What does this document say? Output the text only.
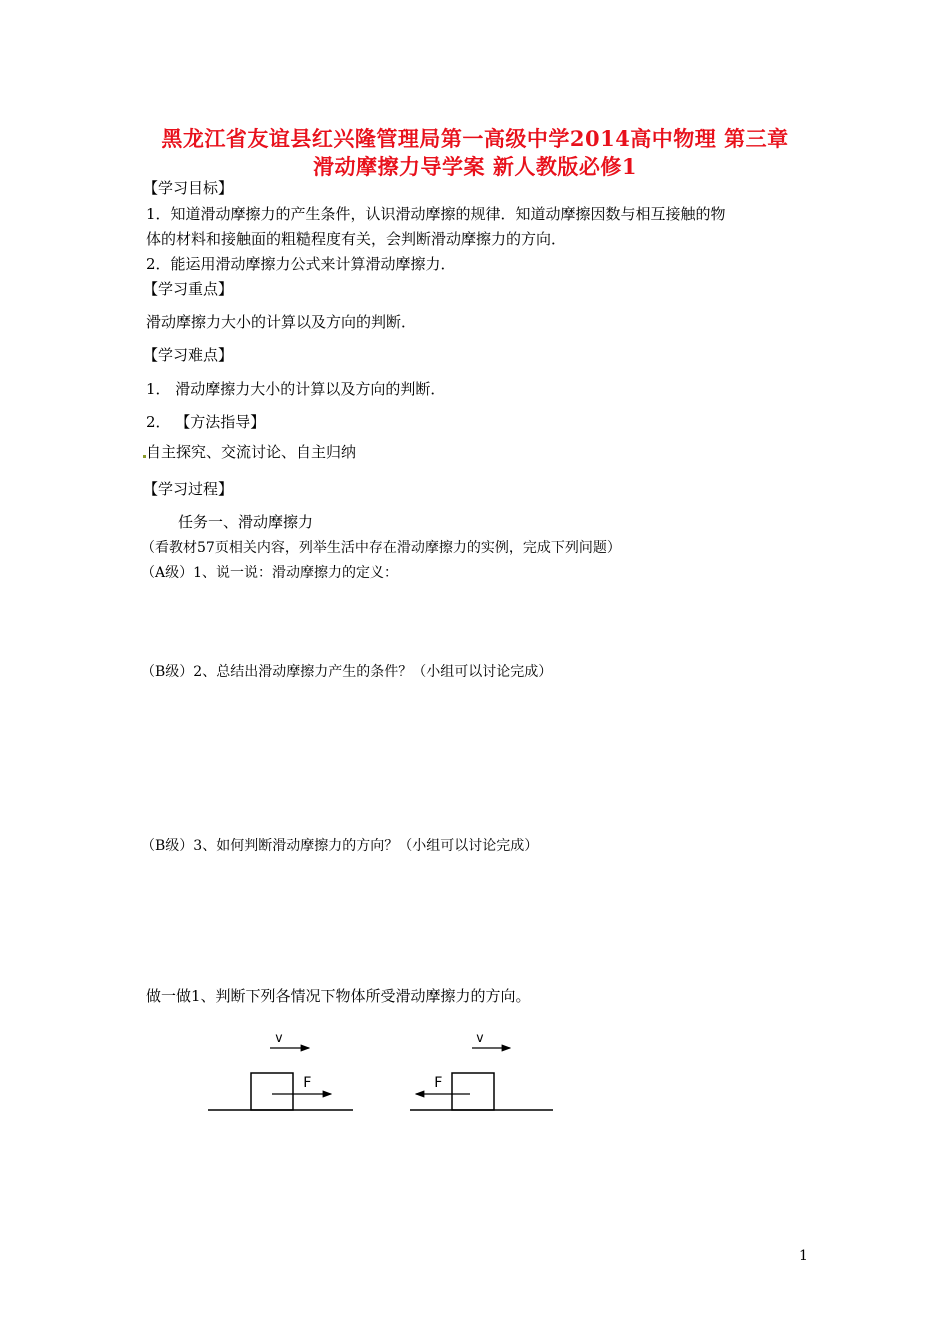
黑龙江省友谊县红兴隆管理局第一高级中学2014高中物理 第三章
滑动摩擦力导学案 新人教版必修1
【学习目标】
1．知道滑动摩擦力的产生条件，认识滑动摩擦的规律．知道动摩擦因数与相互接触的物
体的材料和接触面的粗糙程度有关，会判断滑动摩擦力的方向．
2．能运用滑动摩擦力公式来计算滑动摩擦力．
【学习重点】
滑动摩擦力大小的计算以及方向的判断．
【学习难点】
1． 滑动摩擦力大小的计算以及方向的判断．
2． 【方法指导】
自主探究、交流讨论、自主归纳
【学习过程】
任务一、滑动摩擦力
（看教材57页相关内容，列举生活中存在滑动摩擦力的实例，完成下列问题）
（A级）1、说一说：滑动摩擦力的定义：
（B级）2、总结出滑动摩擦力产生的条件？（小组可以讨论完成）
（B级）3、如何判断滑动摩擦力的方向？（小组可以讨论完成）
做一做1、判断下列各情况下物体所受滑动摩擦力的方向。
v
F
v
F
1
